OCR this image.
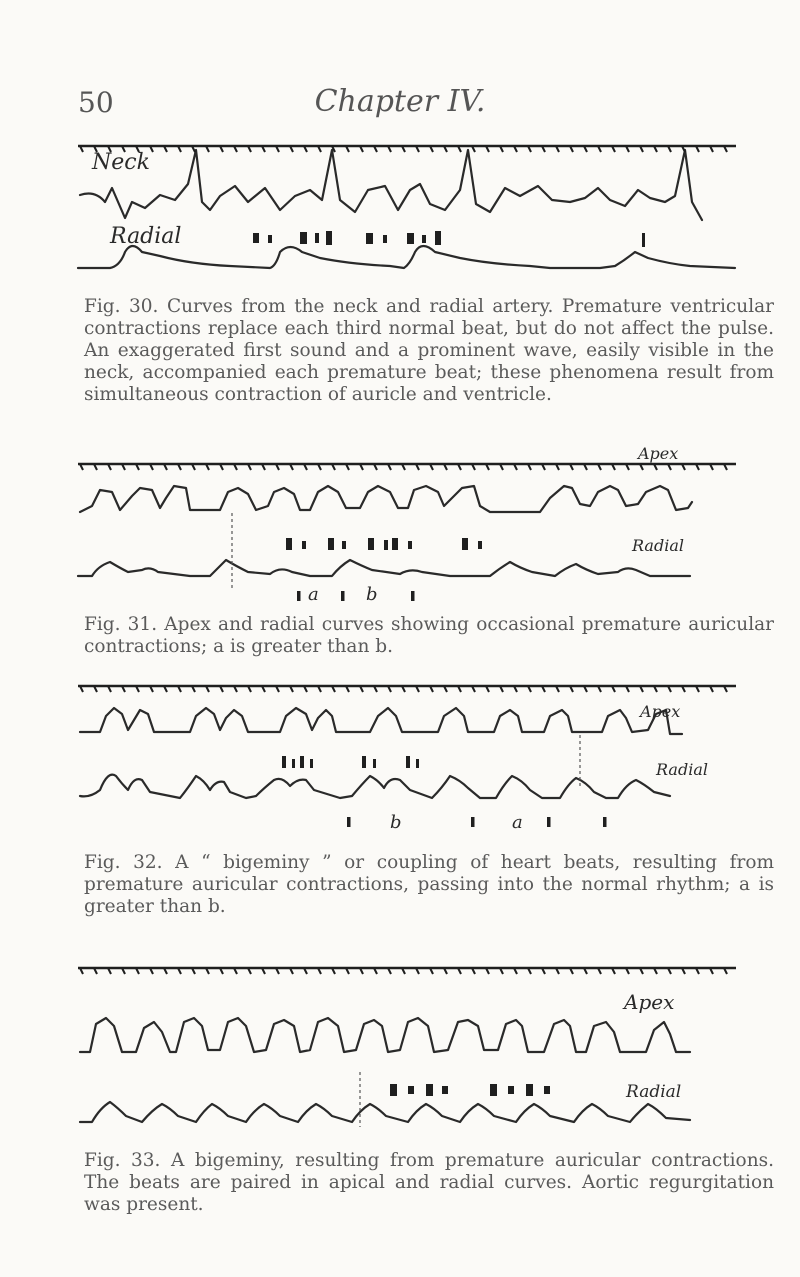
50	Chapter IV.
Neck
Radial
Fig. 30. Curves from the neck and radial artery. Premature ventricular contractions replace each third normal beat, but do not affect the pulse. An exaggerated first sound and a prominent wave, easily visible in the neck, accompanied each premature beat; these phenomena result from simultaneous contraction of auricle and ventricle.
Apex
Radial
a	b
Fig. 31. Apex and radial curves showing occasional premature auricular contractions; a is greater than b.
Apex
Radial
b	a
Fig. 32. A “ bigeminy ” or coupling of heart beats, resulting from premature auricular contractions, passing into the normal rhythm; a is greater than b.
Apex
Radial
Fig. 33. A bigeminy, resulting from premature auricular contractions. The beats are paired in apical and radial curves. Aortic regurgitation was present.
